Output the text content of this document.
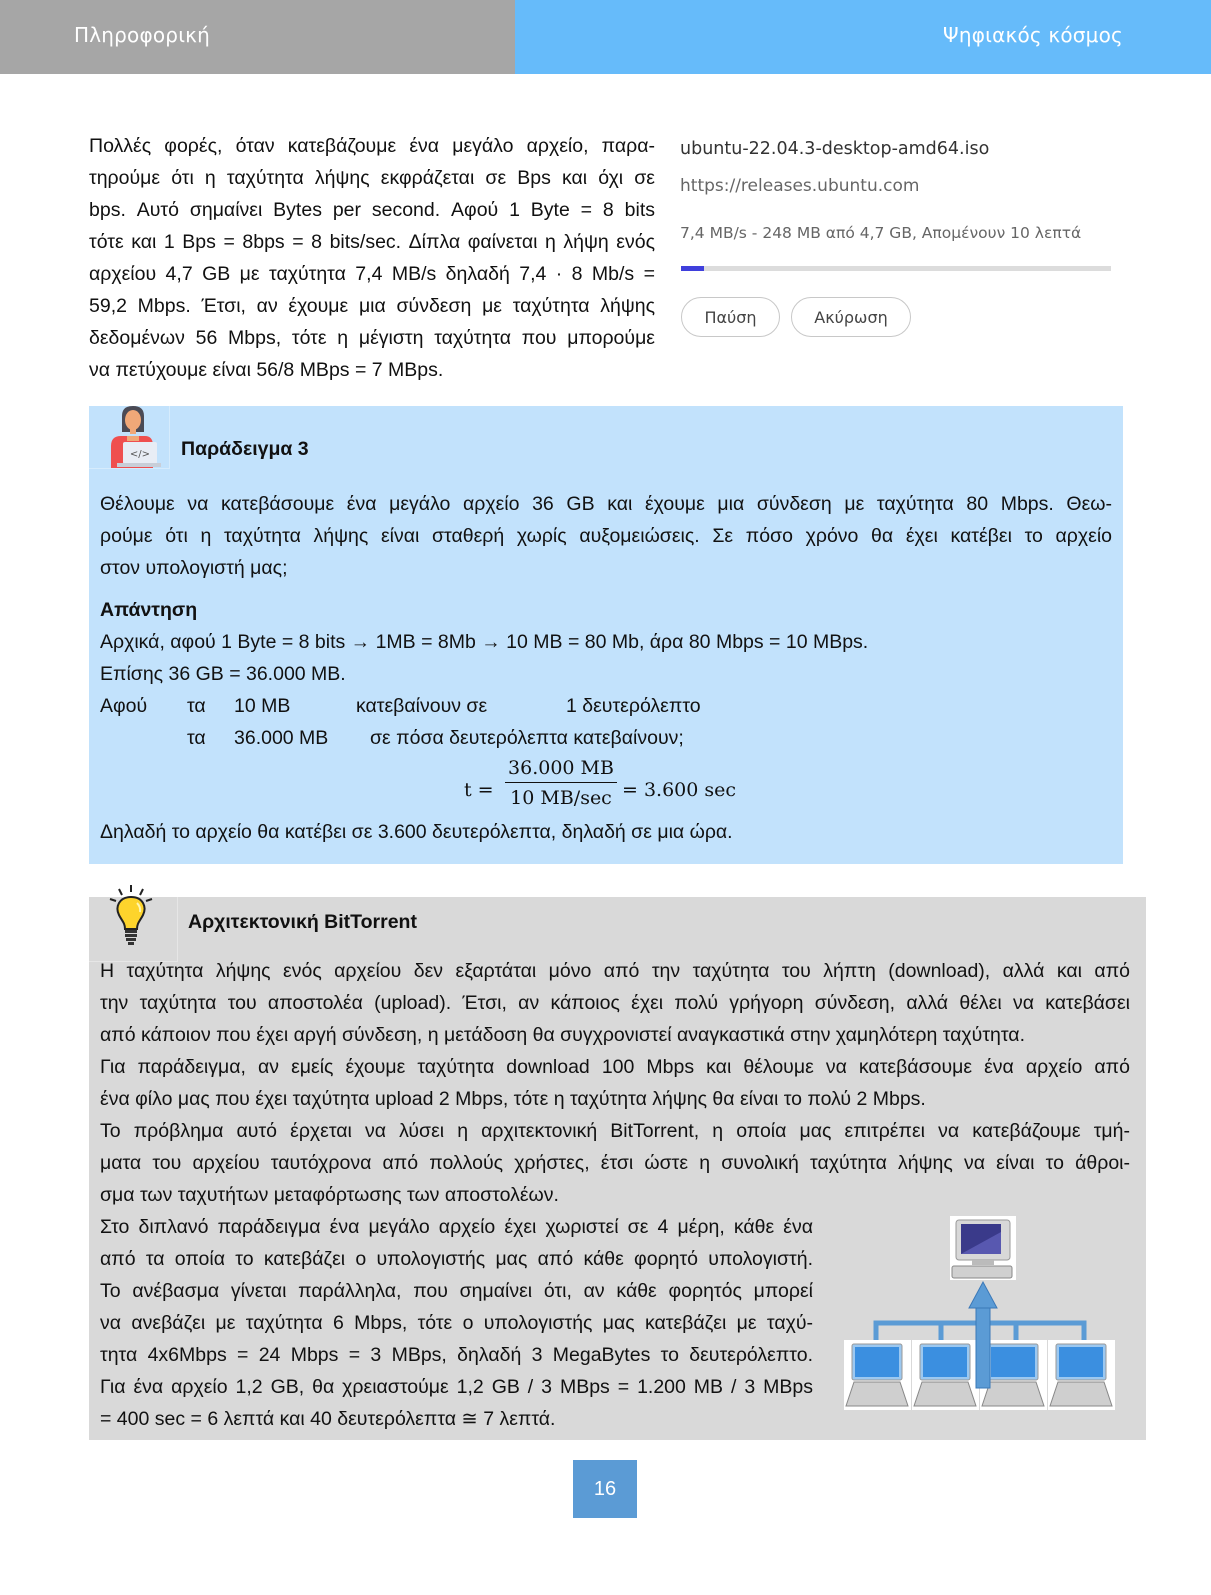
Πληροφορική	Ψηφιακός κόσμος
Πολλές φορές, όταν κατεβάζουμε ένα μεγάλο αρχείο, παρα-
τηρούμε ότι η ταχύτητα λήψης εκφράζεται σε Bps και όχι σε
bps. Αυτό σημαίνει Bytes per second. Αφού 1 Byte = 8 bits
τότε και 1 Bps = 8bps = 8 bits/sec. Δίπλα φαίνεται η λήψη ενός
αρχείου 4,7 GB με ταχύτητα 7,4 MB/s δηλαδή 7,4 · 8 Mb/s =
59,2 Mbps. Έτσι, αν έχουμε μια σύνδεση με ταχύτητα λήψης
δεδομένων 56 Mbps, τότε η μέγιστη ταχύτητα που μπορούμε
να πετύχουμε είναι 56/8 MBps = 7 MBps.
ubuntu-22.04.3-desktop-amd64.iso
https://releases.ubuntu.com
7,4 MB/s - 248 MB από 4,7 GB, Απομένουν 10 λεπτά
Παύση	Ακύρωση
</> Παράδειγμα 3
Θέλουμε να κατεβάσουμε ένα μεγάλο αρχείο 36 GB και έχουμε μια σύνδεση με ταχύτητα 80 Mbps. Θεω-
ρούμε ότι η ταχύτητα λήψης είναι σταθερή χωρίς αυξομειώσεις. Σε πόσο χρόνο θα έχει κατέβει το αρχείο
στον υπολογιστή μας;
Απάντηση
Αρχικά, αφού 1 Byte = 8 bits → 1MB = 8Mb → 10 MB = 80 Mb, άρα 80 Mbps = 10 MBps.
Επίσης 36 GB = 36.000 MB.
Αφού τα 10 MB	κατεβαίνουν σε	1 δευτερόλεπτο
τα 36.000 MB σε πόσα δευτερόλεπτα κατεβαίνουν;
t =
36.000 MB
10 MB/sec = 3.600 sec
Δηλαδή το αρχείο θα κατέβει σε 3.600 δευτερόλεπτα, δηλαδή σε μια ώρα.
Αρχιτεκτονική BitTorrent
Η ταχύτητα λήψης ενός αρχείου δεν εξαρτάται μόνο από την ταχύτητα του λήπτη (download), αλλά και από
την ταχύτητα του αποστολέα (upload). Έτσι, αν κάποιος έχει πολύ γρήγορη σύνδεση, αλλά θέλει να κατεβάσει
από κάποιον που έχει αργή σύνδεση, η μετάδοση θα συγχρονιστεί αναγκαστικά στην χαμηλότερη ταχύτητα.
Για παράδειγμα, αν εμείς έχουμε ταχύτητα download 100 Mbps και θέλουμε να κατεβάσουμε ένα αρχείο από
ένα φίλο μας που έχει ταχύτητα upload 2 Mbps, τότε η ταχύτητα λήψης θα είναι το πολύ 2 Mbps.
Το πρόβλημα αυτό έρχεται να λύσει η αρχιτεκτονική BitTorrent, η οποία μας επιτρέπει να κατεβάζουμε τμή-
ματα του αρχείου ταυτόχρονα από πολλούς χρήστες, έτσι ώστε η συνολική ταχύτητα λήψης να είναι το άθροι-
σμα των ταχυτήτων μεταφόρτωσης των αποστολέων.
Στο διπλανό παράδειγμα ένα μεγάλο αρχείο έχει χωριστεί σε 4 μέρη, κάθε ένα
από τα οποία το κατεβάζει ο υπολογιστής μας από κάθε φορητό υπολογιστή.
Το ανέβασμα γίνεται παράλληλα, που σημαίνει ότι, αν κάθε φορητός μπορεί
να ανεβάζει με ταχύτητα 6 Mbps, τότε ο υπολογιστής μας κατεβάζει με ταχύ-
τητα 4x6Mbps = 24 Mbps = 3 MBps, δηλαδή 3 MegaBytes το δευτερόλεπτο.
Για ένα αρχείο 1,2 GB, θα χρειαστούμε 1,2 GB / 3 MBps = 1.200 MB / 3 MBps
= 400 sec = 6 λεπτά και 40 δευτερόλεπτα ≅ 7 λεπτά.
16
